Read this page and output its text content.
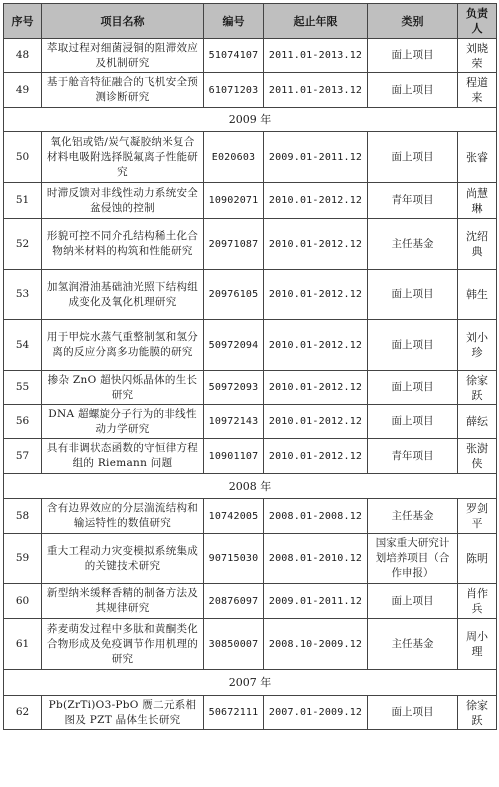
序号	项目名称	编号	起止年限	类别	负责人
48	萃取过程对细菌浸铜的阻滞效应及机制研究	51074107	2011.01-2013.12	面上项目	刘晓荣
49	基于舱音特征融合的飞机安全预测诊断研究	61071203	2011.01-2013.12	面上项目	程道来
2009 年					
50	氧化铝或锆/炭气凝胶纳米复合材料电吸附选择脱氟离子性能研究	E020603	2009.01-2011.12	面上项目	张睿
51	时滞反馈对非线性动力系统安全盆侵蚀的控制	10902071	2010.01-2012.12	青年项目	尚慧琳
52	形貌可控不同介孔结构稀土化合物纳米材料的构筑和性能研究	20971087	2010.01-2012.12	主任基金	沈绍典
53	加氢润滑油基础油光照下结构组成变化及氧化机理研究	20976105	2010.01-2012.12	面上项目	韩生
54	用于甲烷水蒸气重整制氢和氢分离的反应分离多功能膜的研究	50972094	2010.01-2012.12	面上项目	刘小珍
55	掺杂 ZnO 超快闪烁晶体的生长研究	50972093	2010.01-2012.12	面上项目	徐家跃
56	DNA 超螺旋分子行为的非线性动力学研究	10972143	2010.01-2012.12	面上项目	薛纭
57	具有非调状态函数的守恒律方程组的 Riemann 问题	10901107	2010.01-2012.12	青年项目	张澍侠
2008 年					
58	含有边界效应的分层湍流结构和输运特性的数值研究	10742005	2008.01-2008.12	主任基金	罗剑平
59	重大工程动力灾变模拟系统集成的关键技术研究	90715030	2008.01-2010.12	国家重大研究计划培养项目（合作申报）	陈明
60	新型纳米缓释香精的制备方法及其规律研究	20876097	2009.01-2011.12	面上项目	肖作兵
61	荞麦萌发过程中多肽和黄酮类化合物形成及免疫调节作用机理的研究	30850007	2008.10-2009.12	主任基金	周小理
2007 年					
62	Pb(ZrTi)O3-PbO 赝二元系相图及 PZT 晶体生长研究	50672111	2007.01-2009.12	面上项目	徐家跃
